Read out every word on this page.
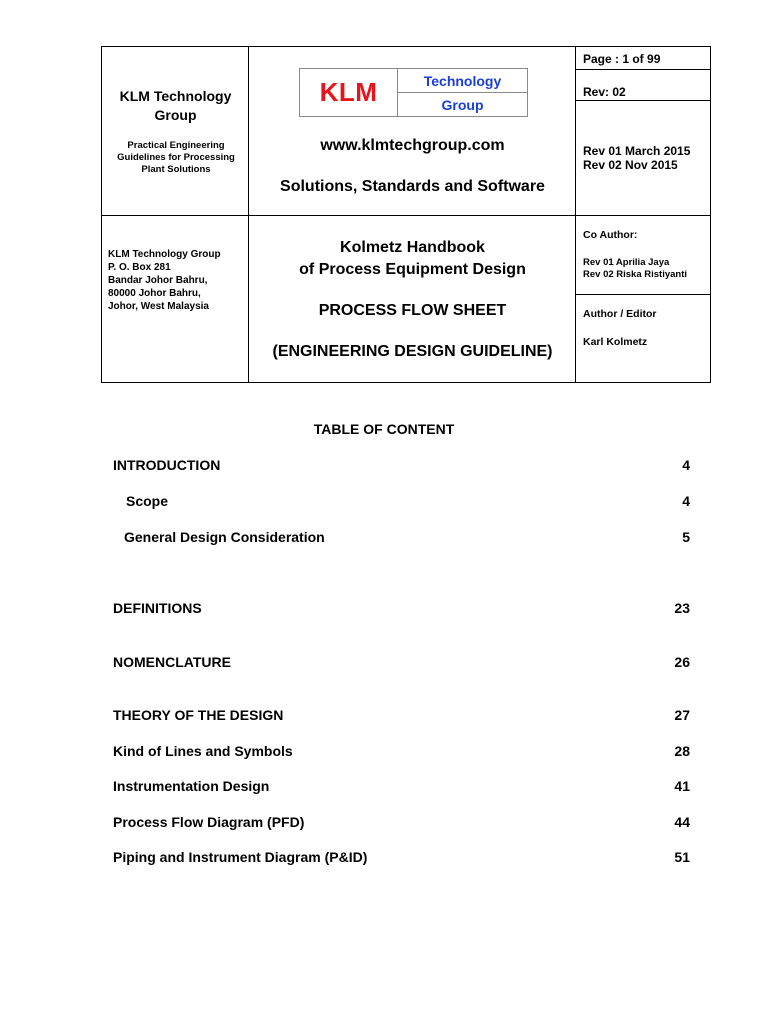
KLM Technology Group
Practical Engineering Guidelines for Processing Plant Solutions
KLM Technology Group
P. O. Box 281
Bandar Johor Bahru,
80000 Johor Bahru,
Johor, West Malaysia
KLM	Technology
Group
www.klmtechgroup.com
Solutions, Standards and Software
Kolmetz Handbook
of Process Equipment Design
PROCESS FLOW SHEET
(ENGINEERING DESIGN GUIDELINE)
Page : 1 of 99
Rev: 02
Rev 01 March 2015
Rev 02 Nov 2015
Co Author:
Rev 01 Aprilia Jaya
Rev 02 Riska Ristiyanti
Author / Editor
Karl Kolmetz
TABLE OF CONTENT
INTRODUCTION	4
Scope	4
General Design Consideration	5
DEFINITIONS	23
NOMENCLATURE	26
THEORY OF THE DESIGN	27
Kind of Lines and Symbols	28
Instrumentation Design	41
Process Flow Diagram (PFD)	44
Piping and Instrument Diagram (P&ID)	51
